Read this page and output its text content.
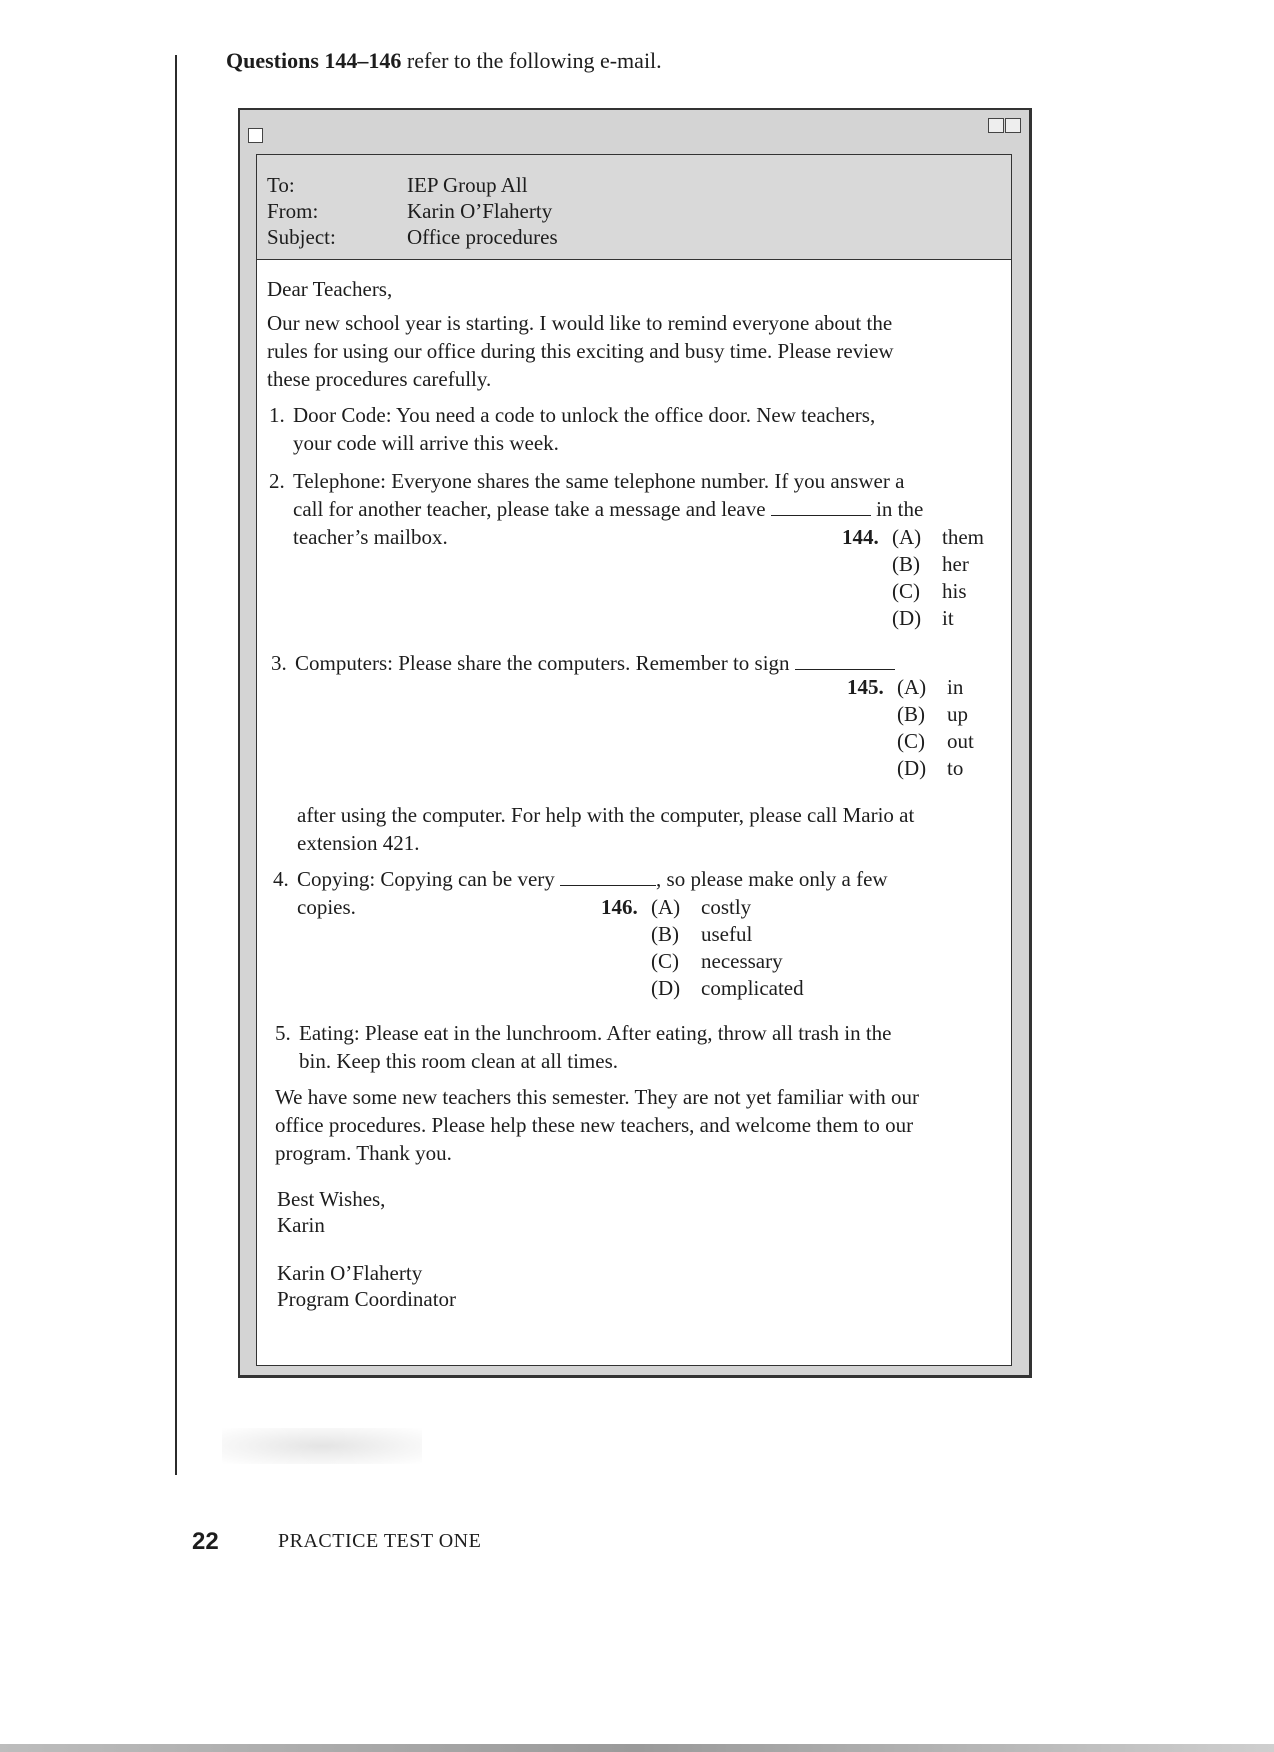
Questions 144–146 refer to the following e-mail.
To:	IEP Group All
From:	Karin O’Flaherty
Subject:	Office procedures

Dear Teachers,

Our new school year is starting. I would like to remind everyone about the

rules for using our office during this exciting and busy time. Please review

these procedures carefully.

1. Door Code: You need a code to unlock the office door. New teachers,

your code will arrive this week.

2. Telephone: Everyone shares the same telephone number. If you answer a

call for another teacher, please take a message and leave	in the

teacher’s mailbox.	144. (A) them
(B) her
(C) his
(D) it

3. Computers: Please share the computers. Remember to sign

145. (A) in
(B) up
(C) out
(D) to

after using the computer. For help with the computer, please call Mario at

extension 421.

4. Copying: Copying can be very	, so please make only a few

copies.	146. (A) costly
(B) useful
(C) necessary
(D) complicated

5. Eating: Please eat in the lunchroom. After eating, throw all trash in the

bin. Keep this room clean at all times.

We have some new teachers this semester. They are not yet familiar with our

office procedures. Please help these new teachers, and welcome them to our

program. Thank you.

Best Wishes,

Karin

Karin O’Flaherty

Program Coordinator

22	PRACTICE TEST ONE
